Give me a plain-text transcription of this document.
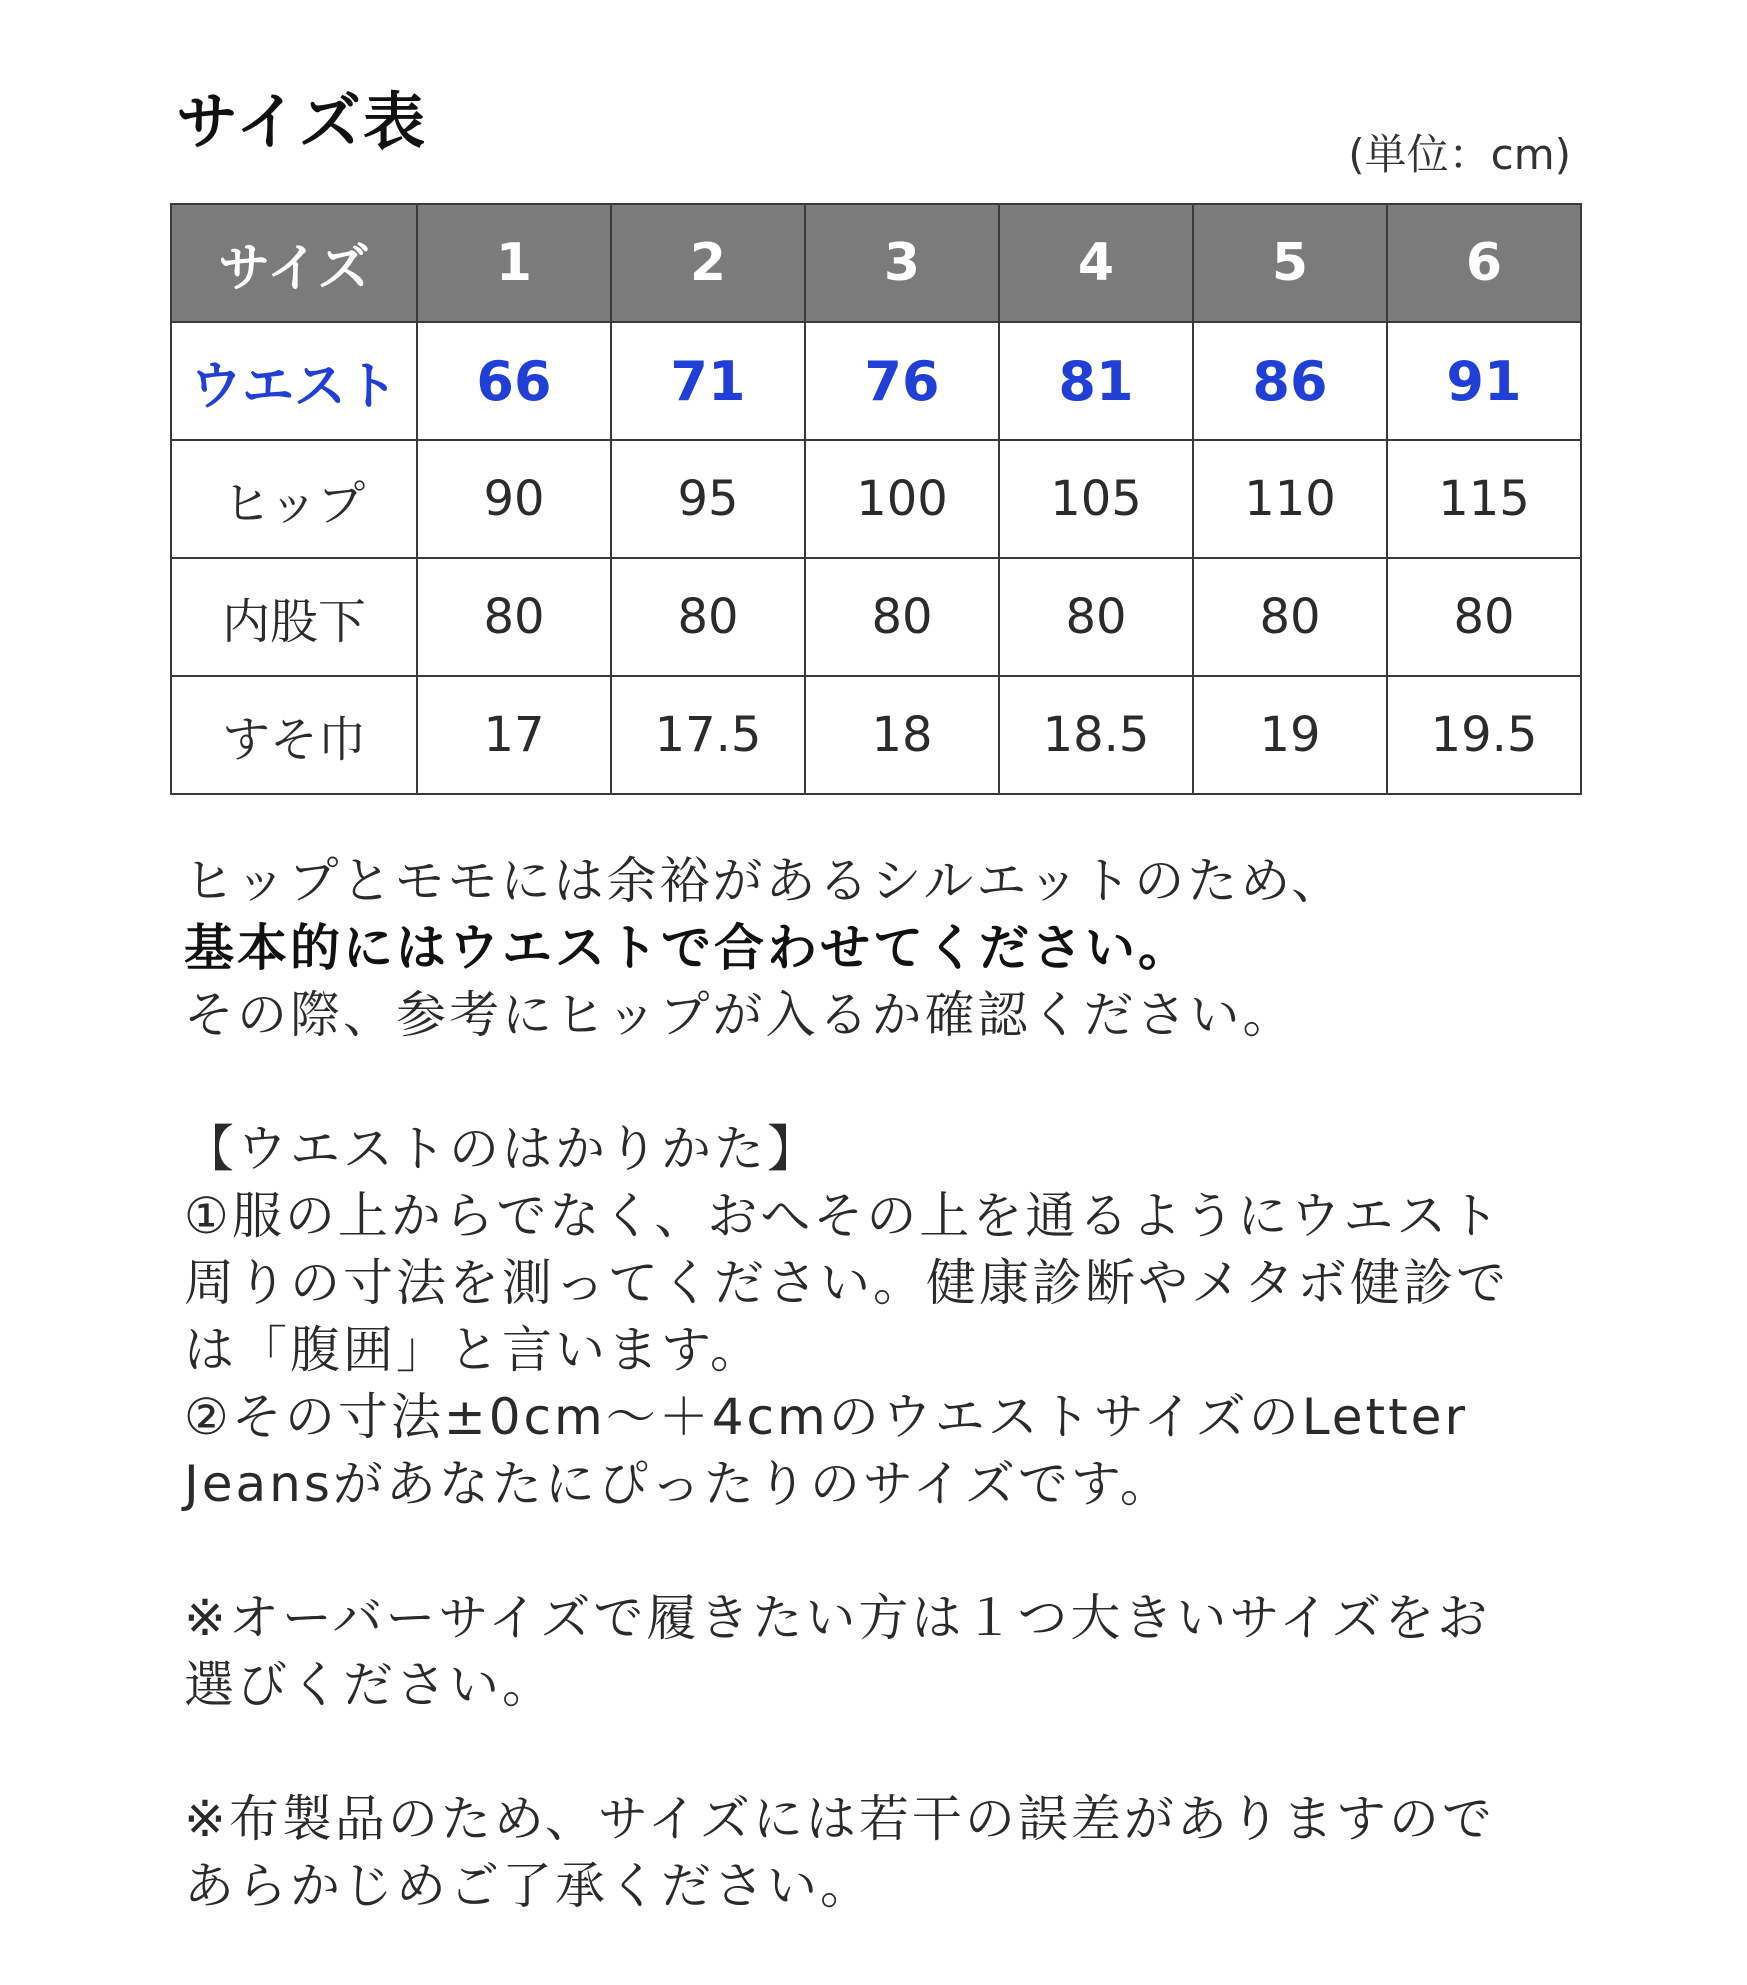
サイズ表	(単位：cm)
サイズ	1	2	3	4	5	6
ウエスト	66	71	76	81	86	91
ヒップ	90	95	100	105	110	115
内股下	80	80	80	80	80	80
すそ巾	17	17.5	18	18.5	19	19.5

ヒップとモモには余裕があるシルエットのため、

基本的にはウエストで合わせてください。

その際、参考にヒップが入るか確認ください。

【ウエストのはかりかた】

①服の上からでなく、おへその上を通るようにウエスト

周りの寸法を測ってください。健康診断やメタボ健診で

は「腹囲」と言います。

②その寸法±0cm～＋4cmのウエストサイズのLetter

Jeansがあなたにぴったりのサイズです。

※オーバーサイズで履きたい方は１つ大きいサイズをお

選びください。

※布製品のため、サイズには若干の誤差がありますので

あらかじめご了承ください。
